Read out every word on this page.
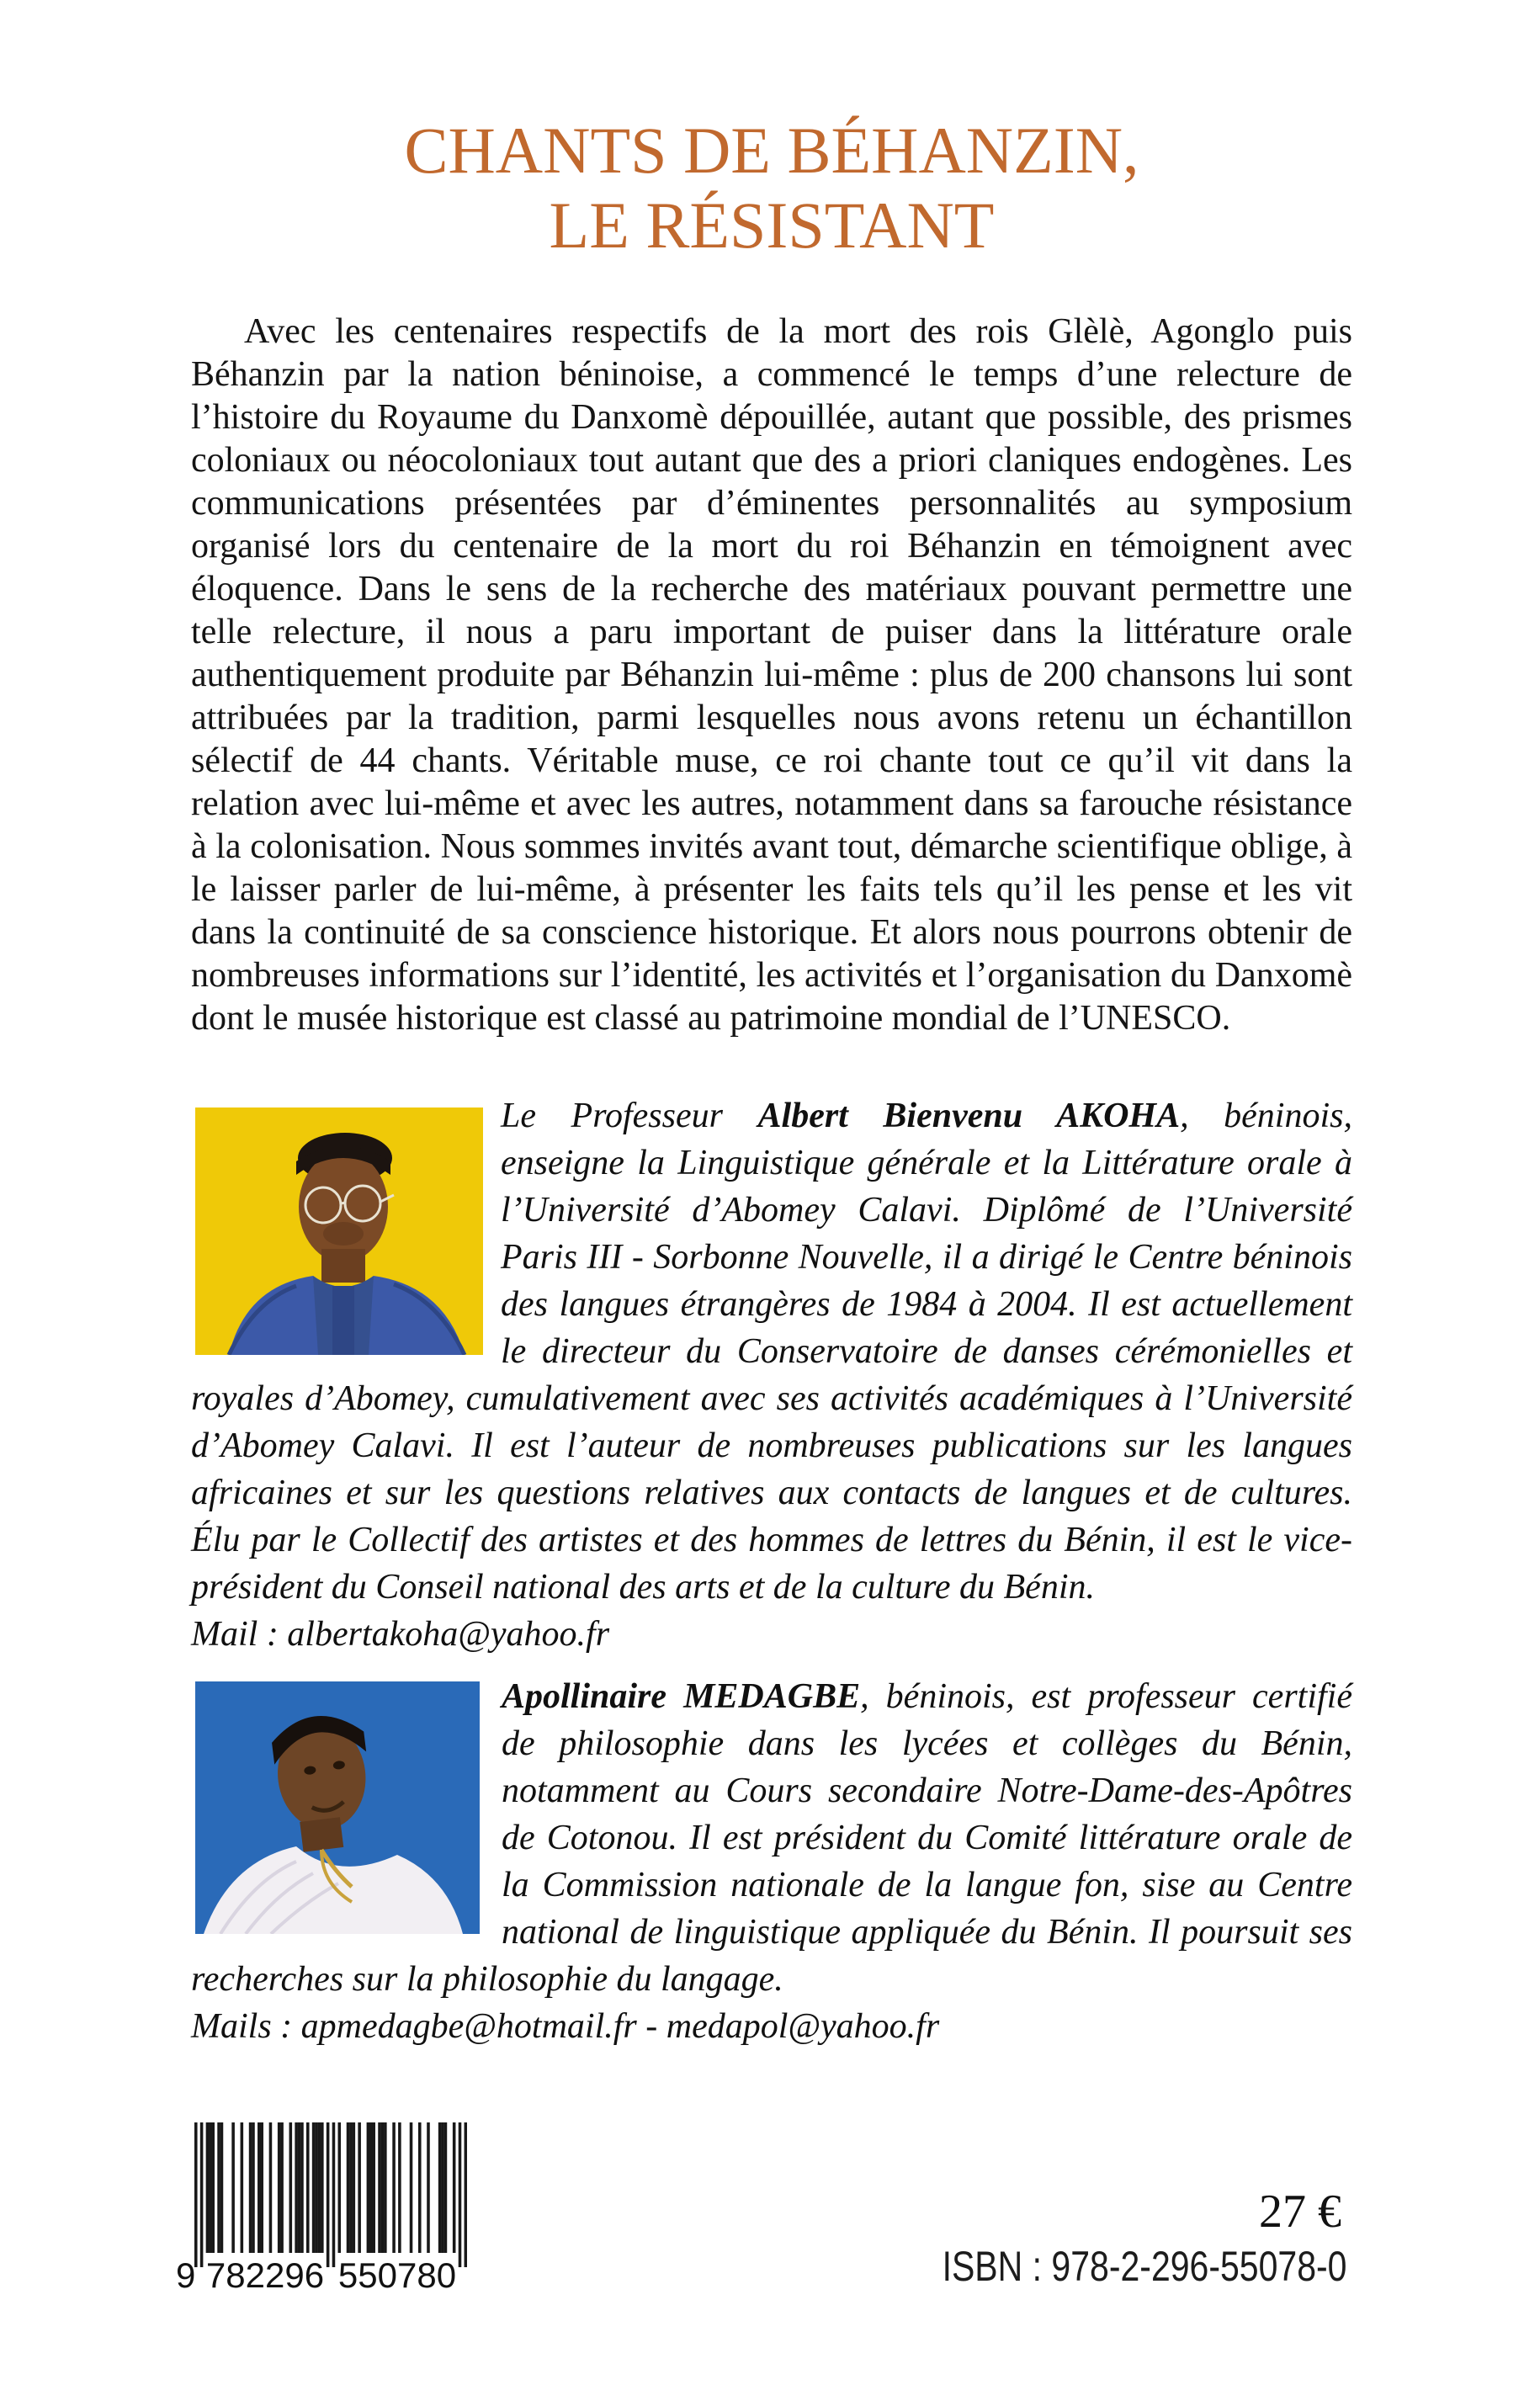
CHANTS DE BÉHANZIN,
LE RÉSISTANT

Avec les centenaires respectifs de la mort des rois Glèlè, Agonglo puis Béhanzin par la nation béninoise, a commencé le temps d’une relecture de l’histoire du Royaume du Danxomè dépouillée, autant que possible, des prismes coloniaux ou néocoloniaux tout autant que des a priori claniques endogènes. Les communications présentées par d’éminentes personnalités au symposium organisé lors du centenaire de la mort du roi Béhanzin en témoignent avec éloquence. Dans le sens de la recherche des matériaux pouvant permettre une telle relecture, il nous a paru important de puiser dans la littérature orale authentiquement produite par Béhanzin lui-même : plus de 200 chansons lui sont attribuées par la tradition, parmi lesquelles nous avons retenu un échantillon sélectif de 44 chants. Véritable muse, ce roi chante tout ce qu’il vit dans la relation avec lui-même et avec les autres, notamment dans sa farouche résistance à la colonisation. Nous sommes invités avant tout, démarche scientifique oblige, à le laisser parler de lui-même, à présenter les faits tels qu’il les pense et les vit dans la continuité de sa conscience historique. Et alors nous pourrons obtenir de nombreuses informations sur l’identité, les activités et l’organisation du Danxomè dont le musée historique est classé au patrimoine mondial de l’UNESCO.

Le Professeur Albert Bienvenu AKOHA, béninois, enseigne la Linguistique générale et la Littérature orale à l’Université d’Abomey Calavi. Diplômé de l’Université Paris III - Sorbonne Nouvelle, il a dirigé le Centre béninois des langues étrangères de 1984 à 2004. Il est actuellement le directeur du Conservatoire de danses cérémonielles et royales d’Abomey, cumulativement avec ses activités académiques à l’Université d’Abomey Calavi. Il est l’auteur de nombreuses publications sur les langues africaines et sur les questions relatives aux contacts de langues et de cultures. Élu par le Collectif des artistes et des hommes de lettres du Bénin, il est le vice-président du Conseil national des arts et de la culture du Bénin.

Mail : albertakoha@yahoo.fr

Apollinaire MEDAGBE, béninois, est professeur certifié de philosophie dans les lycées et collèges du Bénin, notamment au Cours secondaire Notre-Dame-des-Apôtres de Cotonou. Il est président du Comité littérature orale de la Commission nationale de la langue fon, sise au Centre national de linguistique appliquée du Bénin. Il poursuit ses recherches sur la philosophie du langage.

Mails : apmedagbe@hotmail.fr - medapol@yahoo.fr
9 782296 550780
27 €
ISBN : 978-2-296-55078-0
